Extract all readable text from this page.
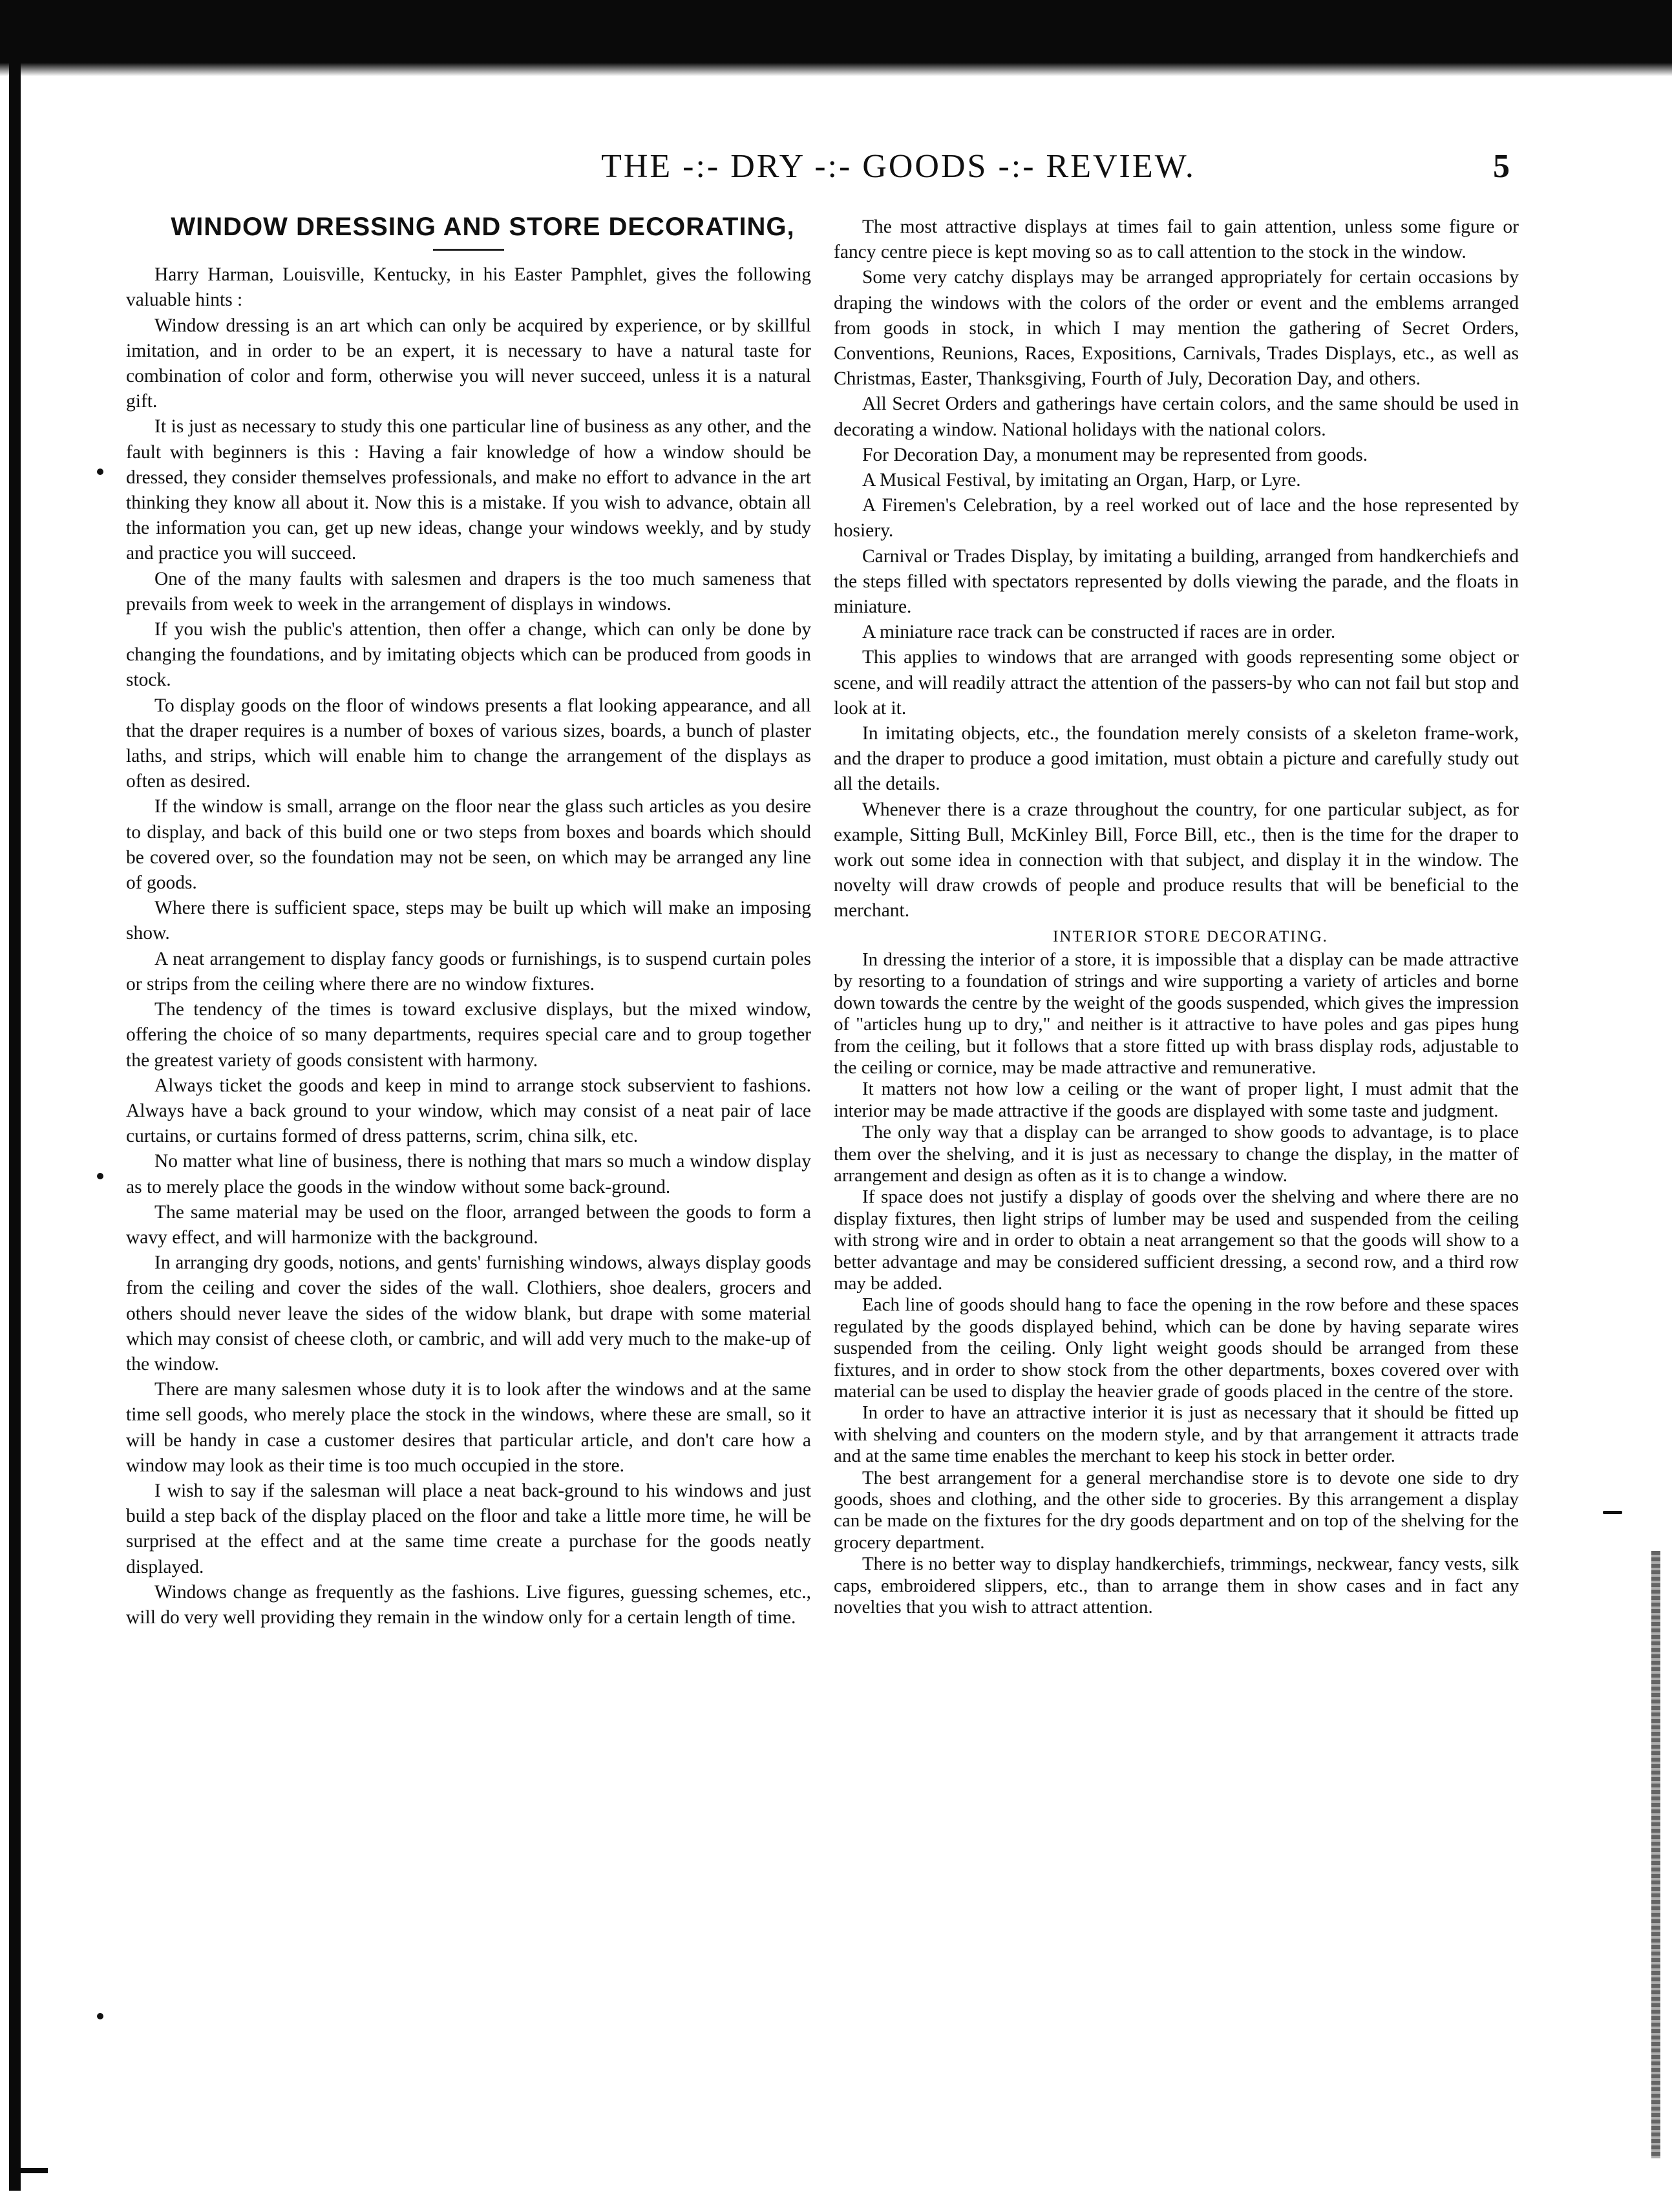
THE -:- DRY -:- GOODS -:- REVIEW.	5

WINDOW DRESSING AND STORE DECORATING,

Harry Harman, Louisville, Kentucky, in his Easter Pamphlet, gives the following valuable hints :

Window dressing is an art which can only be acquired by experience, or by skillful imitation, and in order to be an expert, it is necessary to have a natural taste for combination of color and form, otherwise you will never succeed, unless it is a natural gift.

It is just as necessary to study this one particular line of business as any other, and the fault with beginners is this : Having a fair knowledge of how a window should be dressed, they consider themselves professionals, and make no effort to advance in the art thinking they know all about it. Now this is a mistake. If you wish to advance, obtain all the information you can, get up new ideas, change your windows weekly, and by study and practice you will succeed.

One of the many faults with salesmen and drapers is the too much sameness that prevails from week to week in the arrangement of displays in windows.

If you wish the public's attention, then offer a change, which can only be done by changing the foundations, and by imitating objects which can be produced from goods in stock.

To display goods on the floor of windows presents a flat looking appearance, and all that the draper requires is a number of boxes of various sizes, boards, a bunch of plaster laths, and strips, which will enable him to change the arrangement of the displays as often as desired.

If the window is small, arrange on the floor near the glass such articles as you desire to display, and back of this build one or two steps from boxes and boards which should be covered over, so the foundation may not be seen, on which may be arranged any line of goods.

Where there is sufficient space, steps may be built up which will make an imposing show.

A neat arrangement to display fancy goods or furnishings, is to suspend curtain poles or strips from the ceiling where there are no window fixtures.

The tendency of the times is toward exclusive displays, but the mixed window, offering the choice of so many departments, requires special care and to group together the greatest variety of goods consistent with harmony.

Always ticket the goods and keep in mind to arrange stock subservient to fashions. Always have a back ground to your window, which may consist of a neat pair of lace curtains, or curtains formed of dress patterns, scrim, china silk, etc.

No matter what line of business, there is nothing that mars so much a window display as to merely place the goods in the window without some back-ground.

The same material may be used on the floor, arranged between the goods to form a wavy effect, and will harmonize with the background.

In arranging dry goods, notions, and gents' furnishing windows, always display goods from the ceiling and cover the sides of the wall. Clothiers, shoe dealers, grocers and others should never leave the sides of the widow blank, but drape with some material which may consist of cheese cloth, or cambric, and will add very much to the make-up of the window.

There are many salesmen whose duty it is to look after the windows and at the same time sell goods, who merely place the stock in the windows, where these are small, so it will be handy in case a customer desires that particular article, and don't care how a window may look as their time is too much occupied in the store.

I wish to say if the salesman will place a neat back-ground to his windows and just build a step back of the display placed on the floor and take a little more time, he will be surprised at the effect and at the same time create a purchase for the goods neatly displayed.

Windows change as frequently as the fashions. Live figures, guessing schemes, etc., will do very well providing they remain in the window only for a certain length of time.

The most attractive displays at times fail to gain attention, unless some figure or fancy centre piece is kept moving so as to call attention to the stock in the window.

Some very catchy displays may be arranged appropriately for certain occasions by draping the windows with the colors of the order or event and the emblems arranged from goods in stock, in which I may mention the gathering of Secret Orders, Conventions, Reunions, Races, Expositions, Carnivals, Trades Displays, etc., as well as Christmas, Easter, Thanksgiving, Fourth of July, Decoration Day, and others.

All Secret Orders and gatherings have certain colors, and the same should be used in decorating a window. National holidays with the national colors.

For Decoration Day, a monument may be represented from goods.

A Musical Festival, by imitating an Organ, Harp, or Lyre.

A Firemen's Celebration, by a reel worked out of lace and the hose represented by hosiery.

Carnival or Trades Display, by imitating a building, arranged from handkerchiefs and the steps filled with spectators represented by dolls viewing the parade, and the floats in miniature.

A miniature race track can be constructed if races are in order.

This applies to windows that are arranged with goods representing some object or scene, and will readily attract the attention of the passers-by who can not fail but stop and look at it.

In imitating objects, etc., the foundation merely consists of a skeleton frame-work, and the draper to produce a good imitation, must obtain a picture and carefully study out all the details.

Whenever there is a craze throughout the country, for one particular subject, as for example, Sitting Bull, McKinley Bill, Force Bill, etc., then is the time for the draper to work out some idea in connection with that subject, and display it in the window. The novelty will draw crowds of people and produce results that will be beneficial to the merchant.

INTERIOR STORE DECORATING.

In dressing the interior of a store, it is impossible that a display can be made attractive by resorting to a foundation of strings and wire supporting a variety of articles and borne down towards the centre by the weight of the goods suspended, which gives the impression of "articles hung up to dry," and neither is it attractive to have poles and gas pipes hung from the ceiling, but it follows that a store fitted up with brass display rods, adjustable to the ceiling or cornice, may be made attractive and remunerative.

It matters not how low a ceiling or the want of proper light, I must admit that the interior may be made attractive if the goods are displayed with some taste and judgment.

The only way that a display can be arranged to show goods to advantage, is to place them over the shelving, and it is just as necessary to change the display, in the matter of arrangement and design as often as it is to change a window.

If space does not justify a display of goods over the shelving and where there are no display fixtures, then light strips of lumber may be used and suspended from the ceiling with strong wire and in order to obtain a neat arrangement so that the goods will show to a better advantage and may be considered sufficient dressing, a second row, and a third row may be added.

Each line of goods should hang to face the opening in the row before and these spaces regulated by the goods displayed behind, which can be done by having separate wires suspended from the ceiling. Only light weight goods should be arranged from these fixtures, and in order to show stock from the other departments, boxes covered over with material can be used to display the heavier grade of goods placed in the centre of the store.

In order to have an attractive interior it is just as necessary that it should be fitted up with shelving and counters on the modern style, and by that arrangement it attracts trade and at the same time enables the merchant to keep his stock in better order.

The best arrangement for a general merchandise store is to devote one side to dry goods, shoes and clothing, and the other side to groceries. By this arrangement a display can be made on the fixtures for the dry goods department and on top of the shelving for the grocery department.

There is no better way to display handkerchiefs, trimmings, neckwear, fancy vests, silk caps, embroidered slippers, etc., than to arrange them in show cases and in fact any novelties that you wish to attract attention.
